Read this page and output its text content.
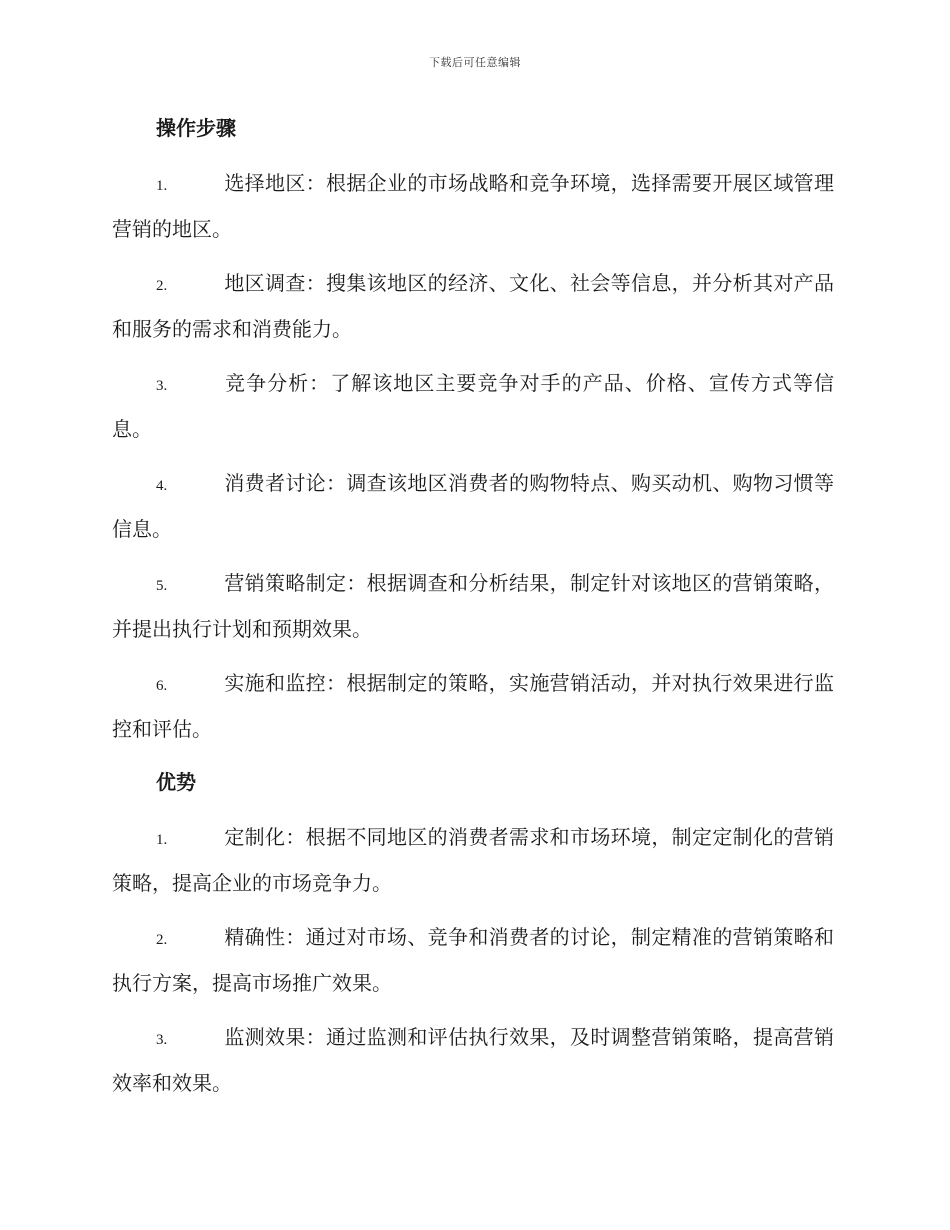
下载后可任意编辑
操作步骤

1.	选择地区：根据企业的市场战略和竞争环境，选择需要开展区域管理营销的地区。

2.	地区调查：搜集该地区的经济、文化、社会等信息，并分析其对产品和服务的需求和消费能力。

3.	竞争分析：了解该地区主要竞争对手的产品、价格、宣传方式等信息。

4.	消费者讨论：调查该地区消费者的购物特点、购买动机、购物习惯等信息。

5.	营销策略制定：根据调查和分析结果，制定针对该地区的营销策略，并提出执行计划和预期效果。

6.	实施和监控：根据制定的策略，实施营销活动，并对执行效果进行监控和评估。

优势

1.	定制化：根据不同地区的消费者需求和市场环境，制定定制化的营销策略，提高企业的市场竞争力。

2.	精确性：通过对市场、竞争和消费者的讨论，制定精准的营销策略和执行方案，提高市场推广效果。

3.	监测效果：通过监测和评估执行效果，及时调整营销策略，提高营销效率和效果。
